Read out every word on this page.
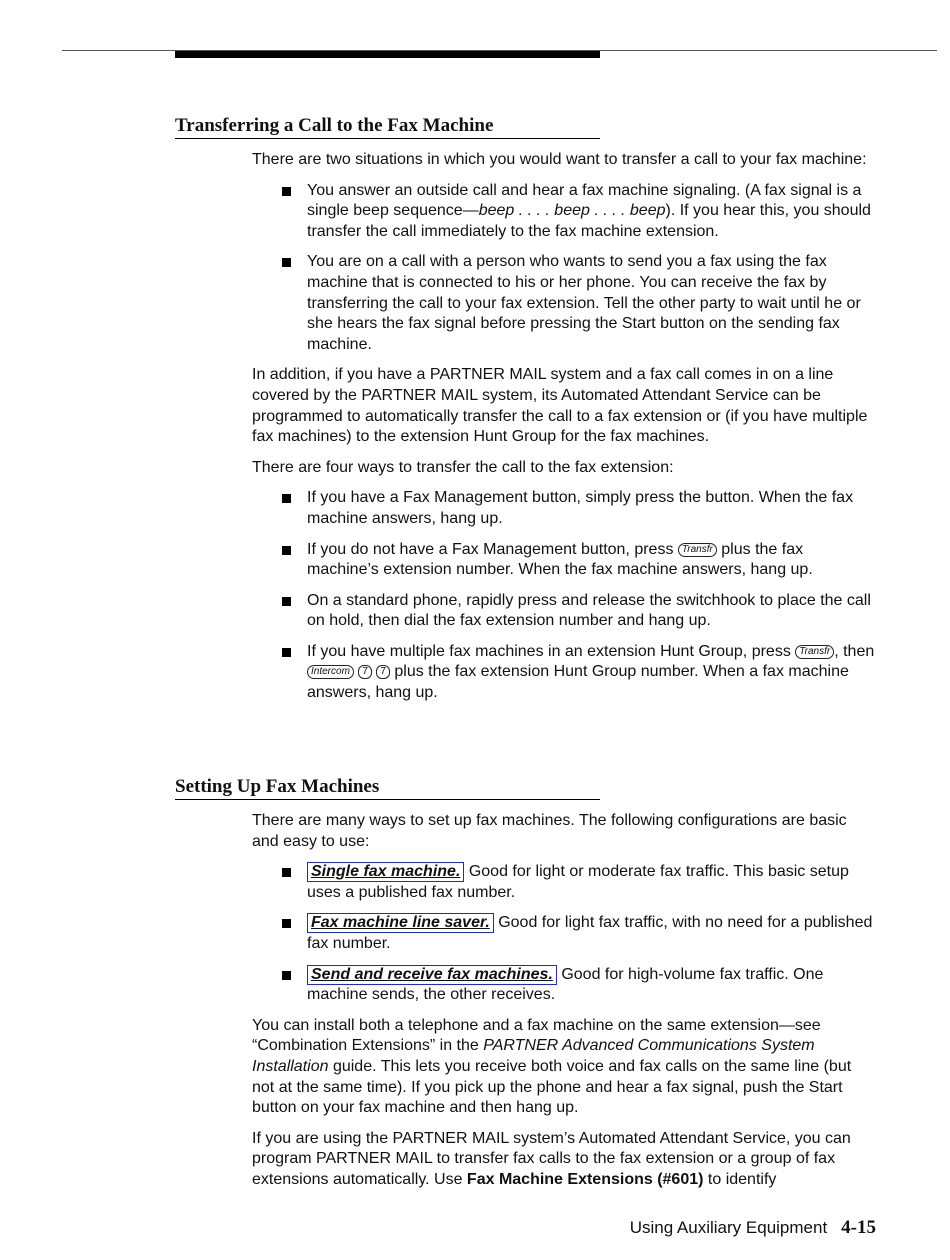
Transferring a Call to the Fax Machine

There are two situations in which you would want to transfer a call to your fax machine:

You answer an outside call and hear a fax machine signaling. (A fax signal is a single beep sequence—beep . . . . beep . . . . beep). If you hear this, you should transfer the call immediately to the fax machine extension.
You are on a call with a person who wants to send you a fax using the fax machine that is connected to his or her phone. You can receive the fax by transferring the call to your fax extension. Tell the other party to wait until he or she hears the fax signal before pressing the Start button on the sending fax machine.

In addition, if you have a PARTNER MAIL system and a fax call comes in on a line covered by the PARTNER MAIL system, its Automated Attendant Service can be programmed to automatically transfer the call to a fax extension or (if you have multiple fax machines) to the extension Hunt Group for the fax machines.

There are four ways to transfer the call to the fax extension:

If you have a Fax Management button, simply press the button. When the fax machine answers, hang up.
If you do not have a Fax Management button, press Transfr plus the fax machine’s extension number. When the fax machine answers, hang up.
On a standard phone, rapidly press and release the switchhook to place the call on hold, then dial the fax extension number and hang up.
If you have multiple fax machines in an extension Hunt Group, press Transfr , then Intercom 7 7 plus the fax extension Hunt Group number. When a fax machine answers, hang up.
Setting Up Fax Machines

There are many ways to set up fax machines. The following configurations are basic and easy to use:

Single fax machine. Good for light or moderate fax traffic. This basic setup uses a published fax number.
Fax machine line saver. Good for light fax traffic, with no need for a published fax number.
Send and receive fax machines. Good for high-volume fax traffic. One machine sends, the other receives.

You can install both a telephone and a fax machine on the same extension—see “Combination Extensions” in the PARTNER Advanced Communications System Installation guide. This lets you receive both voice and fax calls on the same line (but not at the same time). If you pick up the phone and hear a fax signal, push the Start button on your fax machine and then hang up.

If you are using the PARTNER MAIL system’s Automated Attendant Service, you can program PARTNER MAIL to transfer fax calls to the fax extension or a group of fax extensions automatically. Use Fax Machine Extensions (#601) to identify

Using Auxiliary Equipment 4-15
